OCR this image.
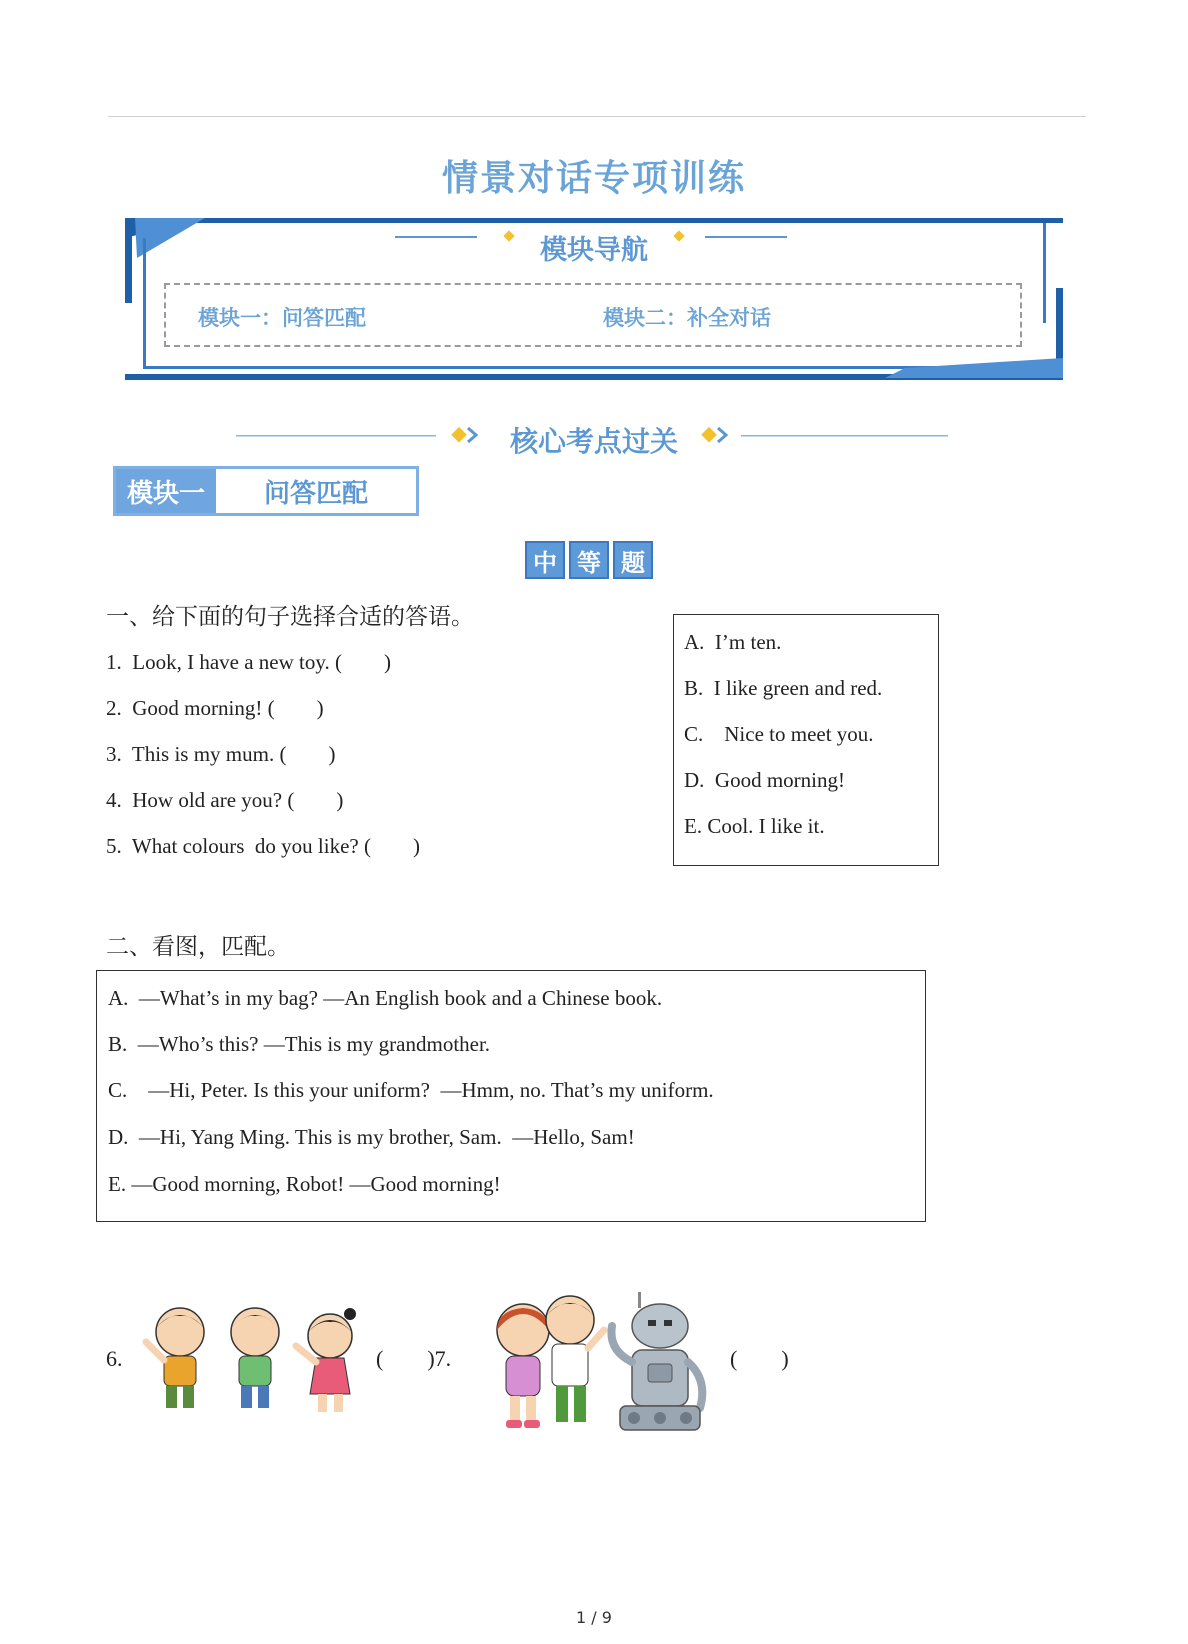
情景对话专项训练
模块导航
模块一：问答匹配	模块二：补全对话
核心考点过关
模块一	问答匹配
中 等 题
一、给下面的句子选择合适的答语。
1.  Look, I have a new toy. (        )
2.  Good morning! (        )
3.  This is my mum. (        )
4.  How old are you? (        )
5.  What colours  do you like? (        )
A.  I’m ten.
B.  I like green and red.
C.    Nice to meet you.
D.  Good morning!
E. Cool. I like it.
二、看图，匹配。
A.  —What’s in my bag? —An English book and a Chinese book.
B.  —Who’s this? —This is my grandmother.
C.    —Hi, Peter. Is this your uniform?  —Hmm, no. That’s my uniform.
D.  —Hi, Yang Ming. This is my brother, Sam.  —Hello, Sam!
E. —Good morning, Robot! —Good morning!
6.	(        )7.	(        )
1 / 9
